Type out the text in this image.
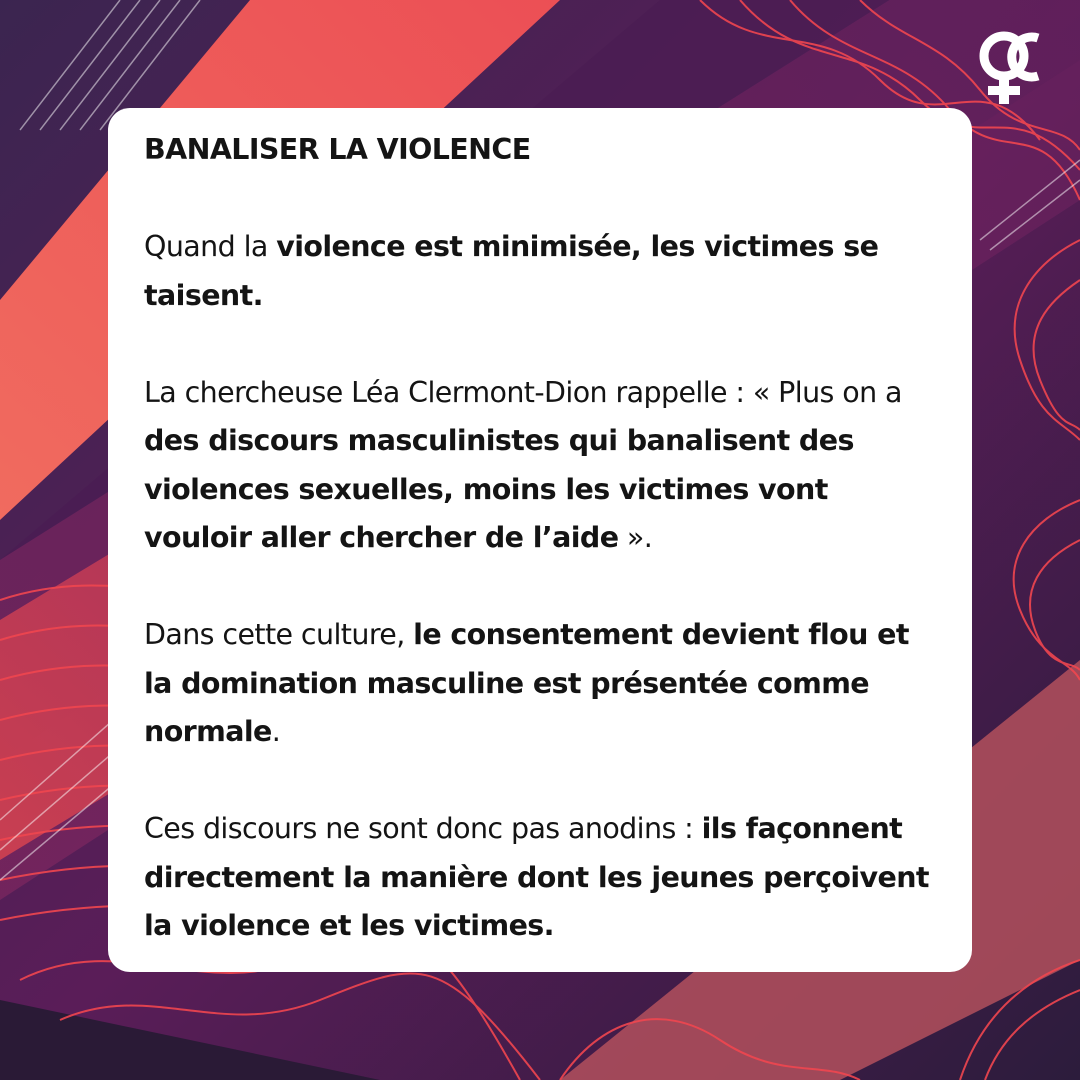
BANALISER LA VIOLENCE

Quand la violence est minimisée, les victimes se taisent.

La chercheuse Léa Clermont-Dion rappelle : « Plus on a des discours masculinistes qui banalisent des violences sexuelles, moins les victimes vont vouloir aller chercher de l’aide ».

Dans cette culture, le consentement devient flou et la domination masculine est présentée comme normale.

Ces discours ne sont donc pas anodins : ils façonnent directement la manière dont les jeunes perçoivent la violence et les victimes.
